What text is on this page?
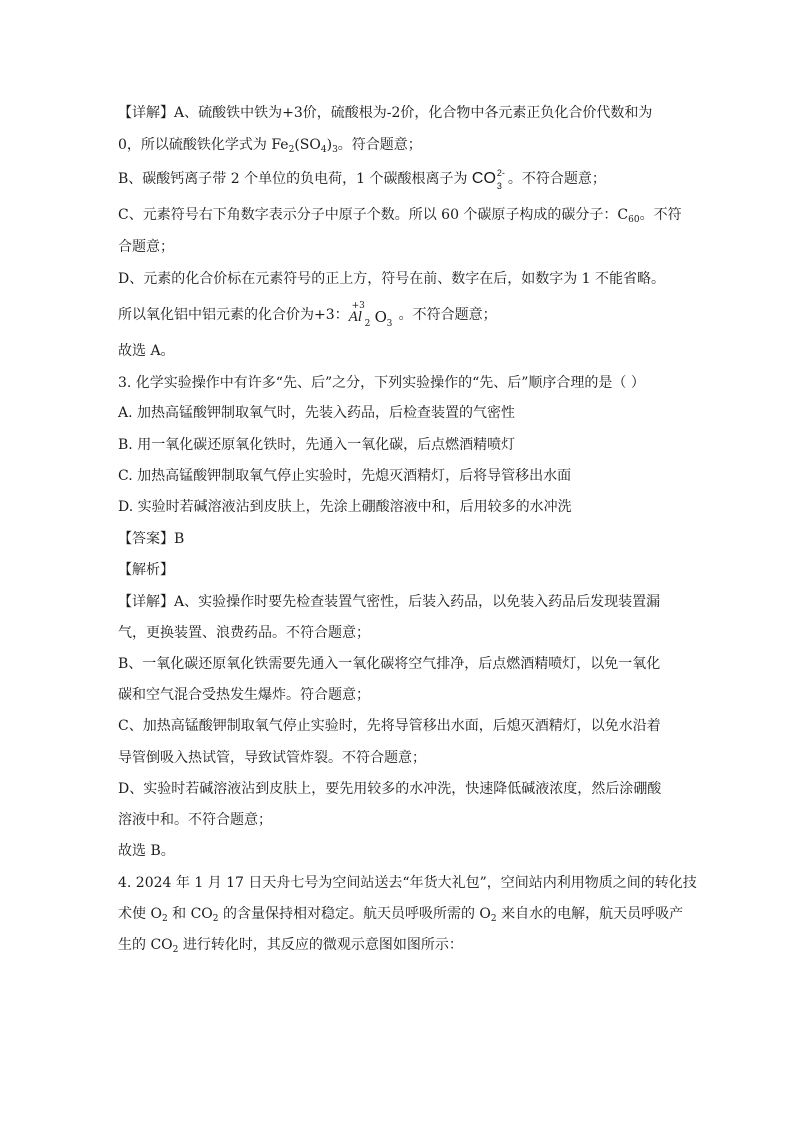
【详解】A、硫酸铁中铁为+3价，硫酸根为-2价，化合物中各元素正负化合价代数和为
0，所以硫酸铁化学式为 $Fe_2(SO_4)_3$。符合题意；
B、碳酸钙离子带 2 个单位的负电荷，1 个碳酸根离子为 CO 2-
3 。不符合题意；
C、元素符号右下角数字表示分子中原子个数。所以 60 个碳原子构成的碳分子：$C_{60}$。不符
合题意；
D、元素的化合价标在元素符号的正上方，符号在前、数字在后，如数字为 1 不能省略。
所以氧化铝中铝元素的化合价为+3：
+3
Al 2 O 3
。不符合题意；
故选 A。
3. 化学实验操作中有许多“先、后”之分，下列实验操作的“先、后”顺序合理的是（ ）
A. 加热高锰酸钾制取氧气时，先装入药品，后检查装置的气密性
B. 用一氧化碳还原氧化铁时，先通入一氧化碳，后点燃酒精喷灯
C. 加热高锰酸钾制取氧气停止实验时，先熄灭酒精灯，后将导管移出水面
D. 实验时若碱溶液沾到皮肤上，先涂上硼酸溶液中和，后用较多的水冲洗
【答案】B
【解析】
【详解】A、实验操作时要先检查装置气密性，后装入药品，以免装入药品后发现装置漏
气，更换装置、浪费药品。不符合题意；
B、一氧化碳还原氧化铁需要先通入一氧化碳将空气排净，后点燃酒精喷灯，以免一氧化
碳和空气混合受热发生爆炸。符合题意；
C、加热高锰酸钾制取氧气停止实验时，先将导管移出水面，后熄灭酒精灯，以免水沿着
导管倒吸入热试管，导致试管炸裂。不符合题意；
D、实验时若碱溶液沾到皮肤上，要先用较多的水冲洗，快速降低碱液浓度，然后涂硼酸
溶液中和。不符合题意；
故选 B。
4. 2024 年 1 月 17 日天舟七号为空间站送去“年货大礼包”，空间站内利用物质之间的转化技
术使 $O_2$ 和 $CO_2$ 的含量保持相对稳定。航天员呼吸所需的 $O_2$ 来自水的电解，航天员呼吸产
生的 $CO_2$ 进行转化时，其反应的微观示意图如图所示：
